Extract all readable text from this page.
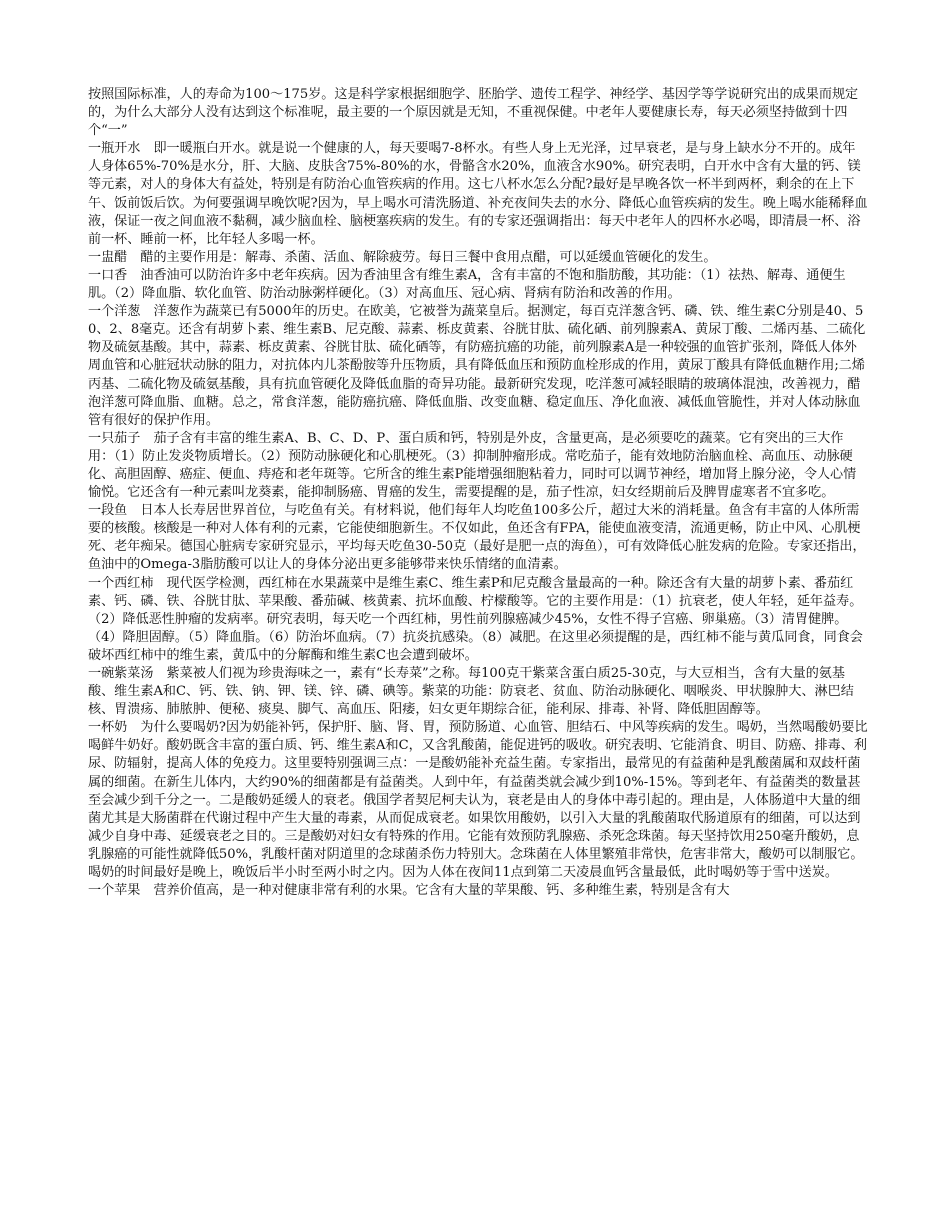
按照国际标准，人的寿命为100～175岁。这是科学家根据细胞学、胚胎学、遗传工程学、神经学、基因学等学说研究出的成果而规定的，为什么大部分人没有达到这个标准呢，最主要的一个原因就是无知，不重视保健。中老年人要健康长寿，每天必须坚持做到十四个“一”

一瓶开水　即一暖瓶白开水。就是说一个健康的人，每天要喝7-8杯水。有些人身上无光泽，过早衰老，是与身上缺水分不开的。成年人身体65%-70%是水分，肝、大脑、皮肤含75%-80%的水，骨骼含水20%，血液含水90%。研究表明，白开水中含有大量的钙、镁等元素，对人的身体大有益处，特别是有防治心血管疾病的作用。这七八杯水怎么分配?最好是早晚各饮一杯半到两杯，剩余的在上下午、饭前饭后饮。为何要强调早晚饮呢?因为，早上喝水可清洗肠道、补充夜间失去的水分、降低心血管疾病的发生。晚上喝水能稀释血液，保证一夜之间血液不黏稠，减少脑血栓、脑梗塞疾病的发生。有的专家还强调指出：每天中老年人的四杯水必喝，即清晨一杯、浴前一杯、睡前一杯，比年轻人多喝一杯。

一盅醋　醋的主要作用是：解毒、杀菌、活血、解除疲劳。每日三餐中食用点醋，可以延缓血管硬化的发生。

一口香　油香油可以防治许多中老年疾病。因为香油里含有维生素A，含有丰富的不饱和脂肪酸，其功能：（1）祛热、解毒、通便生肌。（2）降血脂、软化血管、防治动脉粥样硬化。（3）对高血压、冠心病、肾病有防治和改善的作用。

一个洋葱　洋葱作为蔬菜已有5000年的历史。在欧美，它被誉为蔬菜皇后。据测定，每百克洋葱含钙、磷、铁、维生素C分别是40、50、2、8毫克。还含有胡萝卜素、维生素B、尼克酸、蒜素、栎皮黄素、谷胱甘肽、硫化硒、前列腺素A、黄尿丁酸、二烯丙基、二硫化物及硫氨基酸。其中，蒜素、栎皮黄素、谷胱甘肽、硫化硒等，有防癌抗癌的功能，前列腺素A是一种较强的血管扩张剂，降低人体外周血管和心脏冠状动脉的阻力，对抗体内儿茶酚胺等升压物质，具有降低血压和预防血栓形成的作用，黄尿丁酸具有降低血糖作用;二烯丙基、二硫化物及硫氨基酸，具有抗血管硬化及降低血脂的奇异功能。最新研究发现，吃洋葱可减轻眼睛的玻璃体混浊，改善视力，醋泡洋葱可降血脂、血糖。总之，常食洋葱，能防癌抗癌、降低血脂、改变血糖、稳定血压、净化血液、减低血管脆性，并对人体动脉血管有很好的保护作用。

一只茄子　茄子含有丰富的维生素A、B、C、D、P、蛋白质和钙，特别是外皮，含量更高，是必须要吃的蔬菜。它有突出的三大作用：（1）防止发炎物质增长。（2）预防动脉硬化和心肌梗死。（3）抑制肿瘤形成。常吃茄子，能有效地防治脑血栓、高血压、动脉硬化、高胆固醇、癌症、便血、痔疮和老年斑等。它所含的维生素P能增强细胞粘着力，同时可以调节神经，增加肾上腺分泌，令人心情愉悦。它还含有一种元素叫龙葵素，能抑制肠癌、胃癌的发生，需要提醒的是，茄子性凉，妇女经期前后及脾胃虚寒者不宜多吃。

一段鱼　日本人长寿居世界首位，与吃鱼有关。有材料说，他们每年人均吃鱼100多公斤，超过大米的消耗量。鱼含有丰富的人体所需要的核酸。核酸是一种对人体有利的元素，它能使细胞新生。不仅如此，鱼还含有FPA，能使血液变清，流通更畅，防止中风、心肌梗死、老年痴呆。德国心脏病专家研究显示，平均每天吃鱼30-50克（最好是肥一点的海鱼），可有效降低心脏发病的危险。专家还指出，鱼油中的Omega-3脂肪酸可以让人的身体分泌出更多能够带来快乐情绪的血清素。

一个西红柿　现代医学检测，西红柿在水果蔬菜中是维生素C、维生素P和尼克酸含量最高的一种。除还含有大量的胡萝卜素、番茄红素、钙、磷、铁、谷胱甘肽、苹果酸、番茄碱、核黄素、抗坏血酸、柠檬酸等。它的主要作用是：（1）抗衰老，使人年轻，延年益寿。（2）降低恶性肿瘤的发病率。研究表明，每天吃一个西红柿，男性前列腺癌减少45%，女性不得子宫癌、卵巢癌。（3）清胃健脾。（4）降胆固醇。（5）降血脂。（6）防治坏血病。（7）抗炎抗感染。（8）减肥。在这里必须提醒的是，西红柿不能与黄瓜同食，同食会破坏西红柿中的维生素，黄瓜中的分解酶和维生素C也会遭到破坏。

一碗紫菜汤　紫菜被人们视为珍贵海味之一，素有“长寿菜”之称。每100克干紫菜含蛋白质25-30克，与大豆相当，含有大量的氨基酸、维生素A和C、钙、铁、钠、钾、镁、锌、磷、碘等。紫菜的功能：防衰老、贫血、防治动脉硬化、咽喉炎、甲状腺肿大、淋巴结核、胃溃疡、肺脓肿、便秘、痰臭、脚气、高血压、阳痿，妇女更年期综合征，能利尿、排毒、补肾、降低胆固醇等。

一杯奶　为什么要喝奶?因为奶能补钙，保护肝、脑、肾、胃，预防肠道、心血管、胆结石、中风等疾病的发生。喝奶，当然喝酸奶要比喝鲜牛奶好。酸奶既含丰富的蛋白质、钙、维生素A和C，又含乳酸菌，能促进钙的吸收。研究表明、它能消食、明目、防癌、排毒、利尿、防辐射，提高人体的免疫力。这里要特别强调三点：一是酸奶能补充益生菌。专家指出，最常见的有益菌种是乳酸菌属和双歧杆菌属的细菌。在新生儿体内，大约90%的细菌都是有益菌类。人到中年，有益菌类就会减少到10%-15%。等到老年、有益菌类的数量甚至会减少到千分之一。二是酸奶延缓人的衰老。俄国学者契尼柯夫认为，衰老是由人的身体中毒引起的。理由是，人体肠道中大量的细菌尤其是大肠菌群在代谢过程中产生大量的毒素，从而促成衰老。如果饮用酸奶，以引入大量的乳酸菌取代肠道原有的细菌，可以达到减少自身中毒、延缓衰老之目的。三是酸奶对妇女有特殊的作用。它能有效预防乳腺癌、杀死念珠菌。每天坚持饮用250毫升酸奶，息乳腺癌的可能性就降低50%，乳酸杆菌对阴道里的念球菌杀伤力特别大。念珠菌在人体里繁殖非常快，危害非常大，酸奶可以制服它。喝奶的时间最好是晚上，晚饭后半小时至两小时之内。因为人体在夜间11点到第二天凌晨血钙含量最低，此时喝奶等于雪中送炭。

一个苹果　营养价值高，是一种对健康非常有利的水果。它含有大量的苹果酸、钙、多种维生素，特别是含有大
